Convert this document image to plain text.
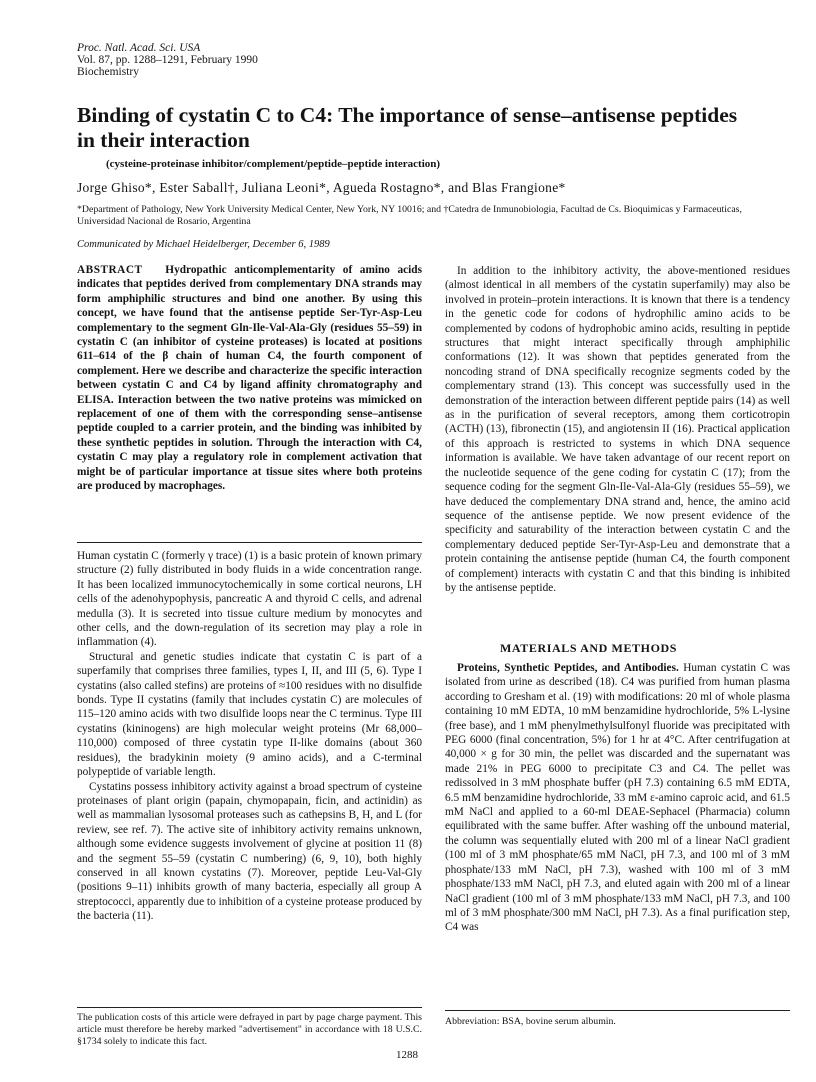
Proc. Natl. Acad. Sci. USA
Vol. 87, pp. 1288–1291, February 1990
Biochemistry
Binding of cystatin C to C4: The importance of sense–antisense peptides in their interaction
(cysteine-proteinase inhibitor/complement/peptide–peptide interaction)
Jorge Ghiso*, Ester Saball†, Juliana Leoni*, Agueda Rostagno*, and Blas Frangione*
*Department of Pathology, New York University Medical Center, New York, NY 10016; and †Catedra de Inmunobiologia, Facultad de Cs. Bioquimicas y Farmaceuticas, Universidad Nacional de Rosario, Argentina
Communicated by Michael Heidelberger, December 6, 1989
ABSTRACT Hydropathic anticomplementarity of amino acids indicates that peptides derived from complementary DNA strands may form amphiphilic structures and bind one another. By using this concept, we have found that the antisense peptide Ser-Tyr-Asp-Leu complementary to the segment Gln-Ile-Val-Ala-Gly (residues 55–59) in cystatin C (an inhibitor of cysteine proteases) is located at positions 611–614 of the β chain of human C4, the fourth component of complement. Here we describe and characterize the specific interaction between cystatin C and C4 by ligand affinity chromatography and ELISA. Interaction between the two native proteins was mimicked on replacement of one of them with the corresponding sense–antisense peptide coupled to a carrier protein, and the binding was inhibited by these synthetic peptides in solution. Through the interaction with C4, cystatin C may play a regulatory role in complement activation that might be of particular importance at tissue sites where both proteins are produced by macrophages.

Human cystatin C (formerly γ trace) (1) is a basic protein of known primary structure (2) fully distributed in body fluids in a wide concentration range. It has been localized immunocytochemically in some cortical neurons, LH cells of the adenohypophysis, pancreatic A and thyroid C cells, and adrenal medulla (3). It is secreted into tissue culture medium by monocytes and other cells, and the down-regulation of its secretion may play a role in inflammation (4).

Structural and genetic studies indicate that cystatin C is part of a superfamily that comprises three families, types I, II, and III (5, 6). Type I cystatins (also called stefins) are proteins of ≈100 residues with no disulfide bonds. Type II cystatins (family that includes cystatin C) are molecules of 115–120 amino acids with two disulfide loops near the C terminus. Type III cystatins (kininogens) are high molecular weight proteins (Mr 68,000–110,000) composed of three cystatin type II-like domains (about 360 residues), the bradykinin moiety (9 amino acids), and a C-terminal polypeptide of variable length.

Cystatins possess inhibitory activity against a broad spectrum of cysteine proteinases of plant origin (papain, chymopapain, ficin, and actinidin) as well as mammalian lysosomal proteases such as cathepsins B, H, and L (for review, see ref. 7). The active site of inhibitory activity remains unknown, although some evidence suggests involvement of glycine at position 11 (8) and the segment 55–59 (cystatin C numbering) (6, 9, 10), both highly conserved in all known cystatins (7). Moreover, peptide Leu-Val-Gly (positions 9–11) inhibits growth of many bacteria, especially all group A streptococci, apparently due to inhibition of a cysteine protease produced by the bacteria (11).

In addition to the inhibitory activity, the above-mentioned residues (almost identical in all members of the cystatin superfamily) may also be involved in protein–protein interactions. It is known that there is a tendency in the genetic code for codons of hydrophilic amino acids to be complemented by codons of hydrophobic amino acids, resulting in peptide structures that might interact specifically through amphiphilic conformations (12). It was shown that peptides generated from the noncoding strand of DNA specifically recognize segments coded by the complementary strand (13). This concept was successfully used in the demonstration of the interaction between different peptide pairs (14) as well as in the purification of several receptors, among them corticotropin (ACTH) (13), fibronectin (15), and angiotensin II (16). Practical application of this approach is restricted to systems in which DNA sequence information is available. We have taken advantage of our recent report on the nucleotide sequence of the gene coding for cystatin C (17); from the sequence coding for the segment Gln-Ile-Val-Ala-Gly (residues 55–59), we have deduced the complementary DNA strand and, hence, the amino acid sequence of the antisense peptide. We now present evidence of the specificity and saturability of the interaction between cystatin C and the complementary deduced peptide Ser-Tyr-Asp-Leu and demonstrate that a protein containing the antisense peptide (human C4, the fourth component of complement) interacts with cystatin C and that this binding is inhibited by the antisense peptide.

MATERIALS AND METHODS

Proteins, Synthetic Peptides, and Antibodies. Human cystatin C was isolated from urine as described (18). C4 was purified from human plasma according to Gresham et al. (19) with modifications: 20 ml of whole plasma containing 10 mM EDTA, 10 mM benzamidine hydrochloride, 5% L-lysine (free base), and 1 mM phenylmethylsulfonyl fluoride was precipitated with PEG 6000 (final concentration, 5%) for 1 hr at 4°C. After centrifugation at 40,000 × g for 30 min, the pellet was discarded and the supernatant was made 21% in PEG 6000 to precipitate C3 and C4. The pellet was redissolved in 3 mM phosphate buffer (pH 7.3) containing 6.5 mM EDTA, 6.5 mM benzamidine hydrochloride, 33 mM ε-amino caproic acid, and 61.5 mM NaCl and applied to a 60-ml DEAE-Sephacel (Pharmacia) column equilibrated with the same buffer. After washing off the unbound material, the column was sequentially eluted with 200 ml of a linear NaCl gradient (100 ml of 3 mM phosphate/65 mM NaCl, pH 7.3, and 100 ml of 3 mM phosphate/133 mM NaCl, pH 7.3), washed with 100 ml of 3 mM phosphate/133 mM NaCl, pH 7.3, and eluted again with 200 ml of a linear NaCl gradient (100 ml of 3 mM phosphate/133 mM NaCl, pH 7.3, and 100 ml of 3 mM phosphate/300 mM NaCl, pH 7.3). As a final purification step, C4 was

The publication costs of this article were defrayed in part by page charge payment. This article must therefore be hereby marked "advertisement" in accordance with 18 U.S.C. §1734 solely to indicate this fact.
Abbreviation: BSA, bovine serum albumin.
1288
